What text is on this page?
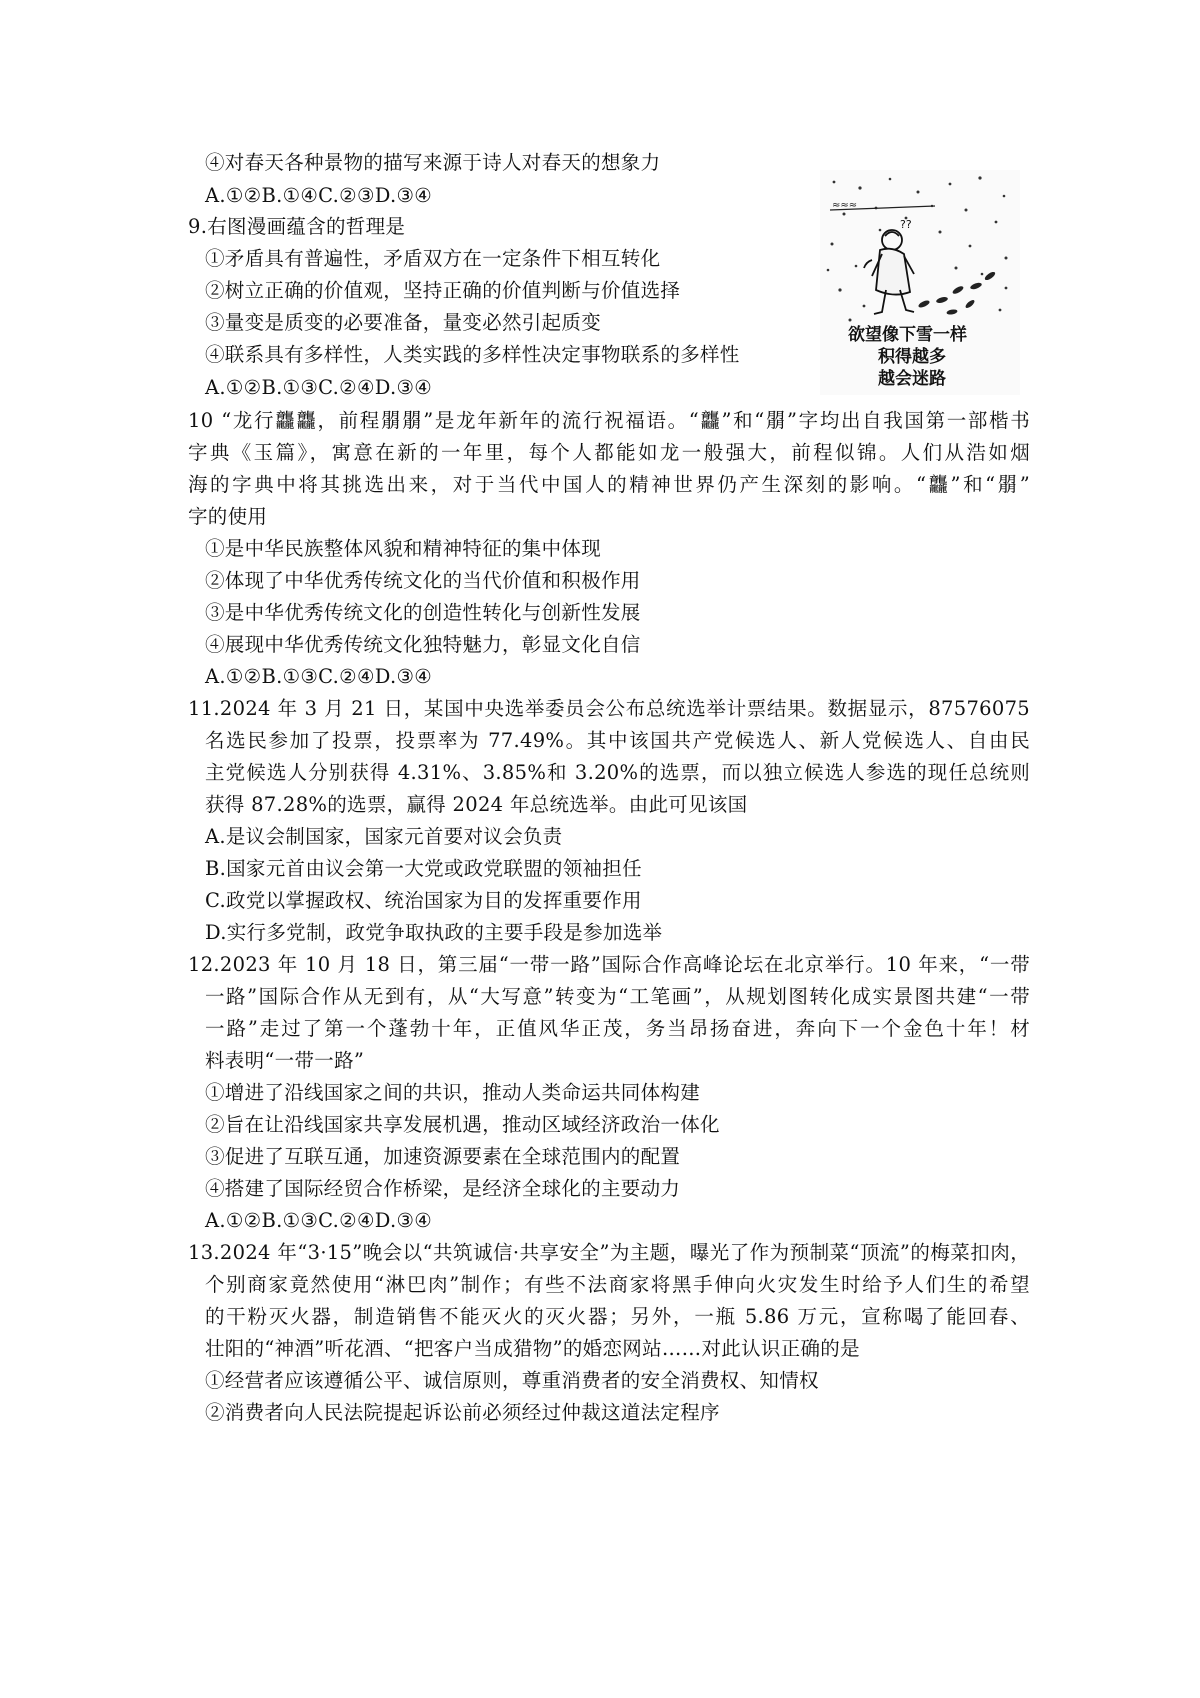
④对春天各种景物的描写来源于诗人对春天的想象力
A.①②B.①④C.②③D.③④
9.右图漫画蕴含的哲理是
①矛盾具有普遍性，矛盾双方在一定条件下相互转化
②树立正确的价值观，坚持正确的价值判断与价值选择
③量变是质变的必要准备，量变必然引起质变
④联系具有多样性，人类实践的多样性决定事物联系的多样性
A.①②B.①③C.②④D.③④
≈≈≈
??
欲望像下雪一样
积得越多
越会迷路
10 “龙行龘龘，前程朤朤”是龙年新年的流行祝福语。“龘”和“朤”字均出自我国第一部楷书
字典《玉篇》，寓意在新的一年里，每个人都能如龙一般强大，前程似锦。人们从浩如烟
海的字典中将其挑选出来，对于当代中国人的精神世界仍产生深刻的影响。“龘”和“朤”
字的使用
①是中华民族整体风貌和精神特征的集中体现
②体现了中华优秀传统文化的当代价值和积极作用
③是中华优秀传统文化的创造性转化与创新性发展
④展现中华优秀传统文化独特魅力，彰显文化自信
A.①②B.①③C.②④D.③④
11.2024 年 3 月 21 日，某国中央选举委员会公布总统选举计票结果。数据显示，87576075
名选民参加了投票，投票率为 77.49%。其中该国共产党候选人、新人党候选人、自由民
主党候选人分别获得 4.31%、3.85%和 3.20%的选票，而以独立候选人参选的现任总统则
获得 87.28%的选票，赢得 2024 年总统选举。由此可见该国
A.是议会制国家，国家元首要对议会负责
B.国家元首由议会第一大党或政党联盟的领袖担任
C.政党以掌握政权、统治国家为目的发挥重要作用
D.实行多党制，政党争取执政的主要手段是参加选举
12.2023 年 10 月 18 日，第三届“一带一路”国际合作高峰论坛在北京举行。10 年来，“一带
一路”国际合作从无到有，从“大写意”转变为“工笔画”，从规划图转化成实景图共建“一带
一路”走过了第一个蓬勃十年，正值风华正茂，务当昂扬奋进，奔向下一个金色十年！材
料表明“一带一路”
①增进了沿线国家之间的共识，推动人类命运共同体构建
②旨在让沿线国家共享发展机遇，推动区域经济政治一体化
③促进了互联互通，加速资源要素在全球范围内的配置
④搭建了国际经贸合作桥梁，是经济全球化的主要动力
A.①②B.①③C.②④D.③④
13.2024 年“3·15”晚会以“共筑诚信·共享安全”为主题，曝光了作为预制菜“顶流”的梅菜扣肉，
个别商家竟然使用“淋巴肉”制作；有些不法商家将黑手伸向火灾发生时给予人们生的希望
的干粉灭火器，制造销售不能灭火的灭火器；另外，一瓶 5.86 万元，宣称喝了能回春、
壮阳的“神酒”听花酒、“把客户当成猎物”的婚恋网站……对此认识正确的是
①经营者应该遵循公平、诚信原则，尊重消费者的安全消费权、知情权
②消费者向人民法院提起诉讼前必须经过仲裁这道法定程序
